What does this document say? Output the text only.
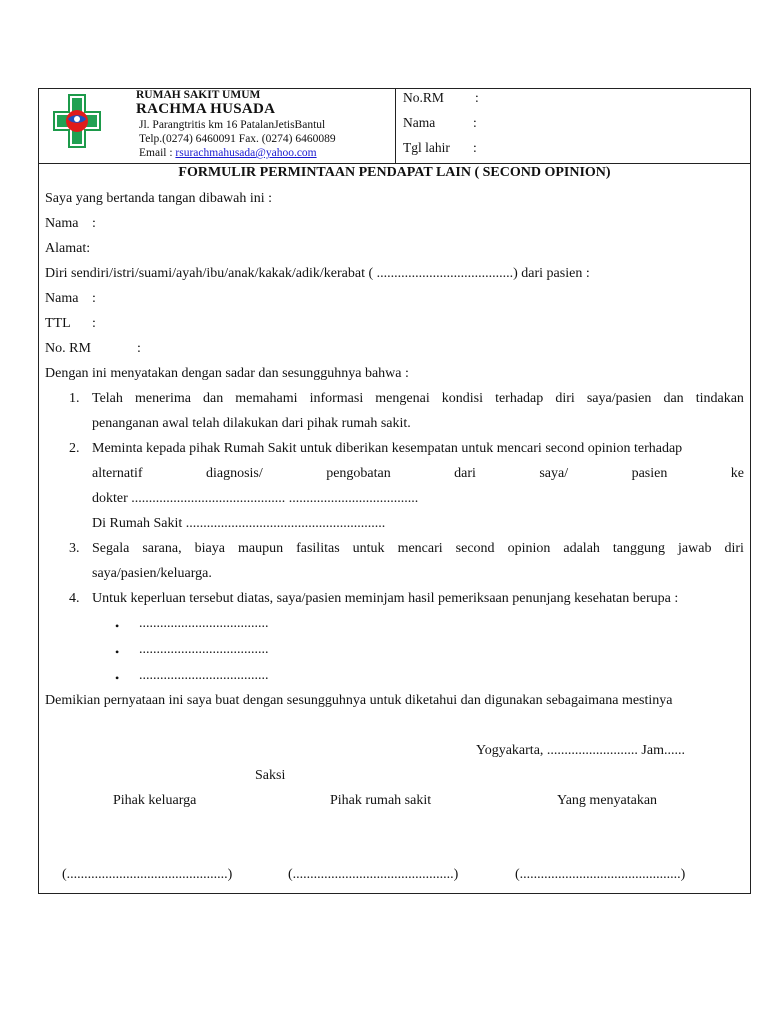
RUMAH SAKIT UMUM
RACHMA HUSADA
Jl. Parangtritis km 16 PatalanJetisBantul
Telp.(0274) 6460091 Fax. (0274) 6460089
Email : rsurachmahusada@yahoo.com
No.RM :
Nama	:
Tgl lahir :
FORMULIR PERMINTAAN PENDAPAT LAIN ( SECOND OPINION)
Saya yang bertanda tangan dibawah ini :
Nama :
Alamat:
Diri sendiri/istri/suami/ayah/ibu/anak/kakak/adik/kerabat ( .......................................) dari pasien :
Nama :
TTL :
No. RM	:
Dengan ini menyatakan dengan sadar dan sesungguhnya bahwa :
1. Telah menerima dan memahami informasi mengenai kondisi terhadap diri saya/pasien dan tindakan
penanganan awal telah dilakukan dari pihak rumah sakit.
2. Meminta kepada pihak Rumah Sakit untuk diberikan kesempatan untuk mencari second opinion terhadap
alternatif	diagnosis/	pengobatan	dari	saya/	pasien	ke
dokter ............................................ .....................................
Di Rumah Sakit .........................................................
3. Segala sarana, biaya maupun fasilitas untuk mencari second opinion adalah tanggung jawab diri
saya/pasien/keluarga.
4. Untuk keperluan tersebut diatas, saya/pasien meminjam hasil pemeriksaan penunjang kesehatan berupa :
• .....................................
• .....................................
• .....................................
Demikian pernyataan ini saya buat dengan sesungguhnya untuk diketahui dan digunakan sebagaimana mestinya
Yogyakarta, .......................... Jam......
Saksi
Pihak keluarga	Pihak rumah sakit	Yang menyatakan
(..............................................)	(..............................................)	(..............................................)
